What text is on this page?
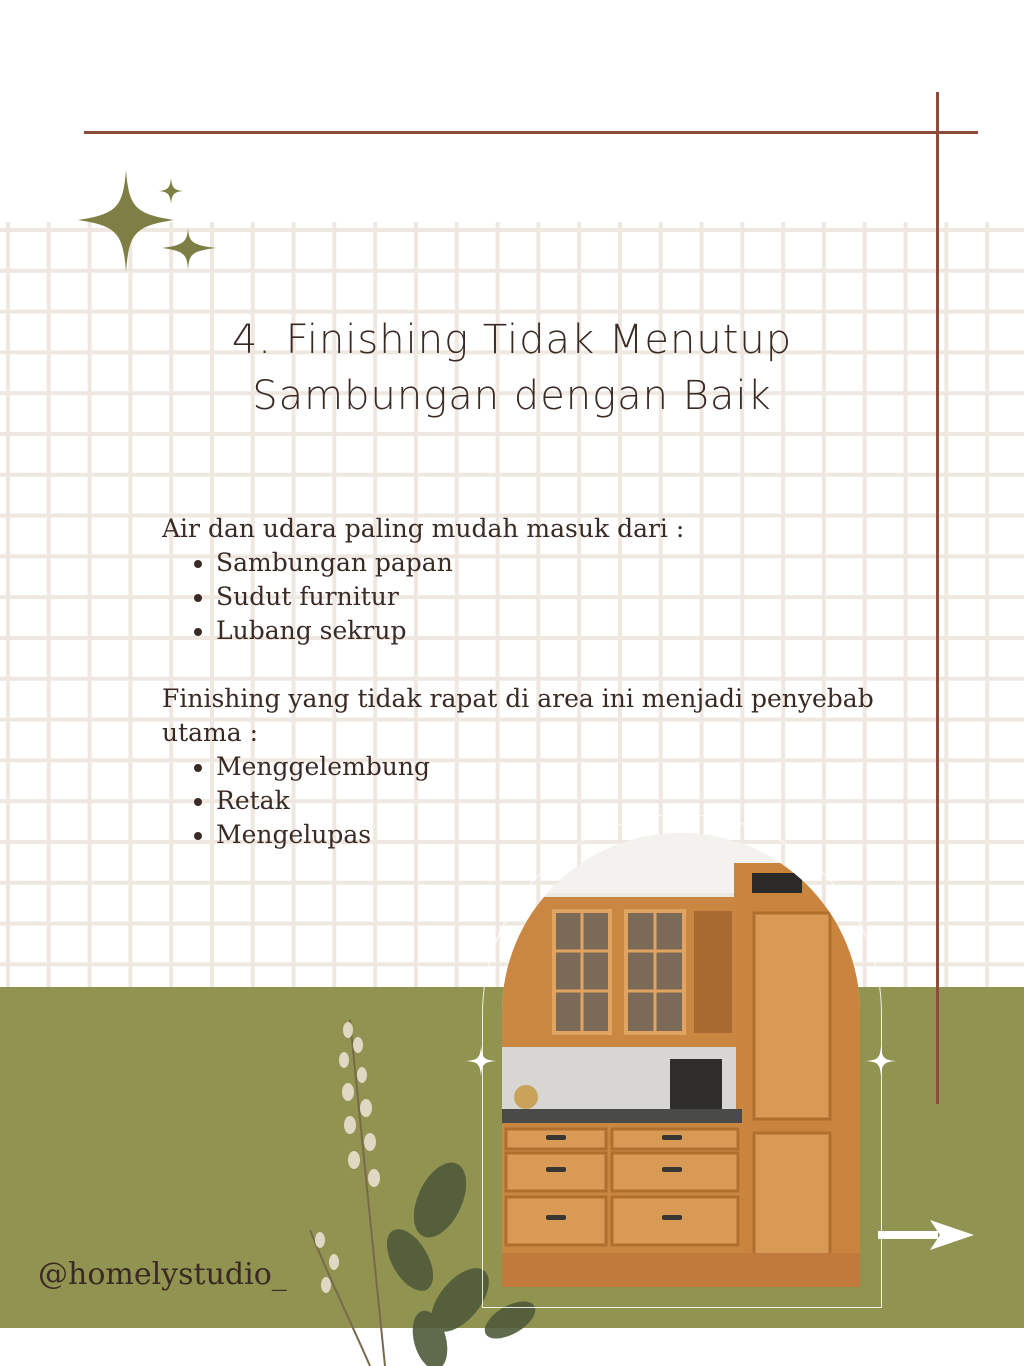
4. Finishing Tidak Menutup
Sambungan dengan Baik

Air dan udara paling mudah masuk dari :

• Sambungan papan
• Sudut furnitur
• Lubang sekrup

Finishing yang tidak rapat di area ini menjadi penyebab utama :

• Menggelembung
• Retak
• Mengelupas
@homelystudio_
